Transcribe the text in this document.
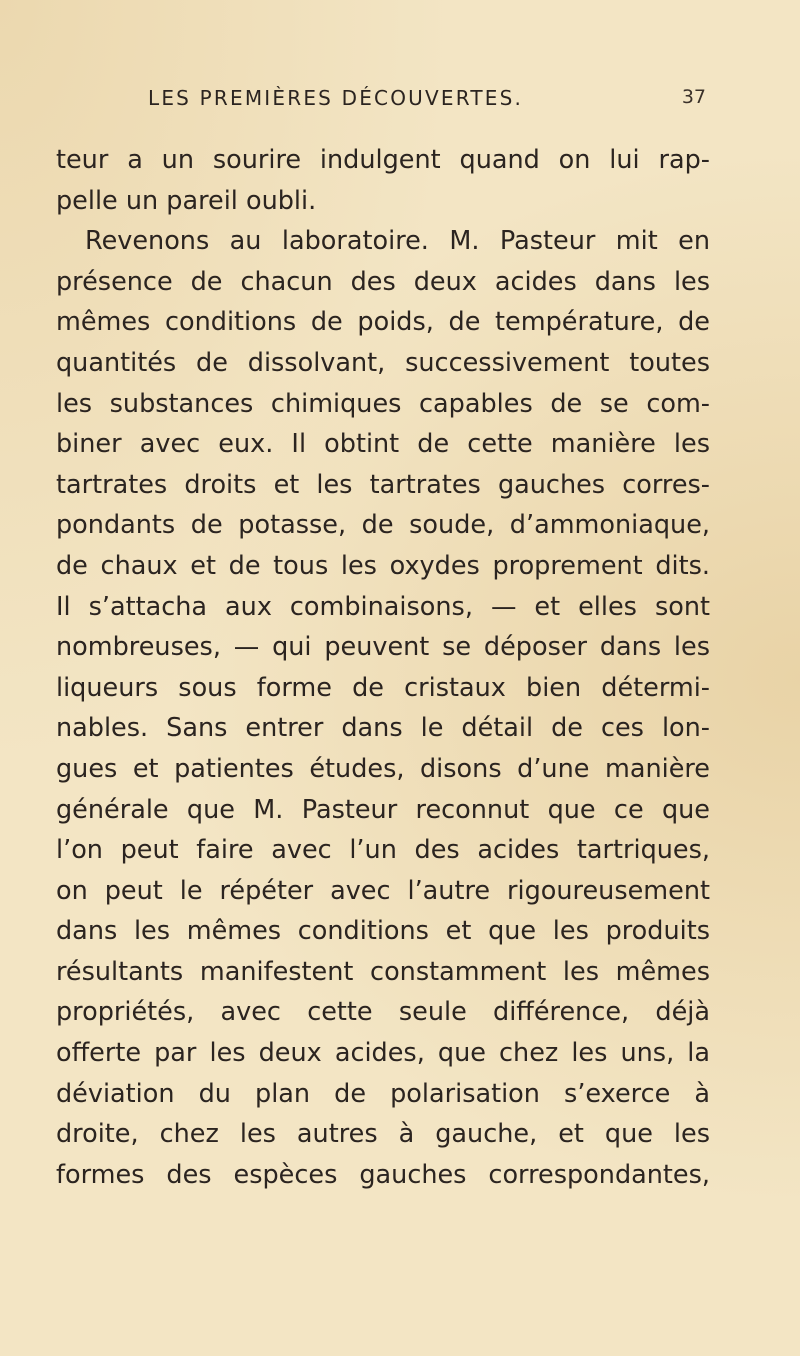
LES PREMIÈRES DÉCOUVERTES.	37
teur a un sourire indulgent quand on lui rap-
pelle un pareil oubli.
Revenons au laboratoire. M. Pasteur mit en
présence de chacun des deux acides dans les
mêmes conditions de poids, de température, de
quantités de dissolvant, successivement toutes
les substances chimiques capables de se com-
biner avec eux. Il obtint de cette manière les
tartrates droits et les tartrates gauches corres-
pondants de potasse, de soude, d’ammoniaque,
de chaux et de tous les oxydes proprement dits.
Il s’attacha aux combinaisons, — et elles sont
nombreuses, — qui peuvent se déposer dans les
liqueurs sous forme de cristaux bien détermi-
nables. Sans entrer dans le détail de ces lon-
gues et patientes études, disons d’une manière
générale que M. Pasteur reconnut que ce que
l’on peut faire avec l’un des acides tartriques,
on peut le répéter avec l’autre rigoureusement
dans les mêmes conditions et que les produits
résultants manifestent constamment les mêmes
propriétés, avec cette seule différence, déjà
offerte par les deux acides, que chez les uns, la
déviation du plan de polarisation s’exerce à
droite, chez les autres à gauche, et que les
formes des espèces gauches correspondantes,
